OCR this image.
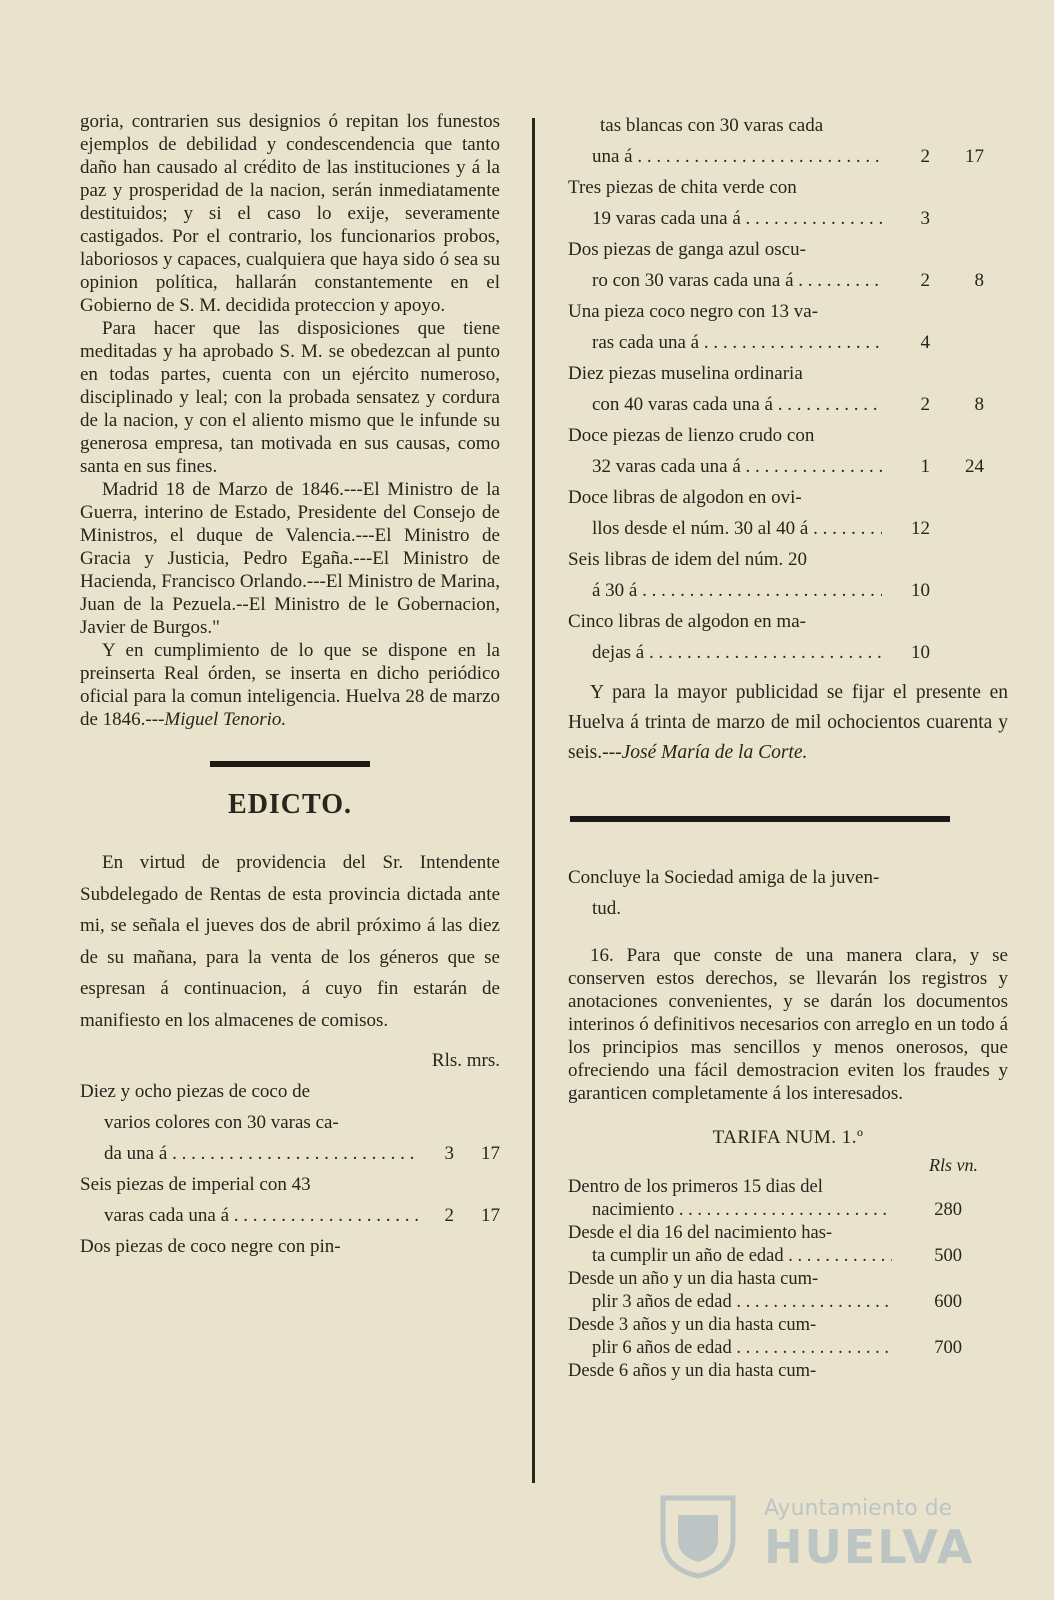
goria, contrarien sus designios ó repitan los funestos ejemplos de debilidad y condescendencia que tanto daño han causado al crédito de las instituciones y á la paz y prosperidad de la nacion, serán inmediatamente destituidos; y si el caso lo exije, severamente castigados. Por el contrario, los funcionarios probos, laboriosos y capaces, cualquiera que haya sido ó sea su opinion política, hallarán constantemente en el Gobierno de S. M. decidida proteccion y apoyo.

Para hacer que las disposiciones que tiene meditadas y ha aprobado S. M. se obedezcan al punto en todas partes, cuenta con un ejército numeroso, disciplinado y leal; con la probada sensatez y cordura de la nacion, y con el aliento mismo que le infunde su generosa empresa, tan motivada en sus causas, como santa en sus fines.

Madrid 18 de Marzo de 1846.---El Ministro de la Guerra, interino de Estado, Presidente del Consejo de Ministros, el duque de Valencia.---El Ministro de Gracia y Justicia, Pedro Egaña.---El Ministro de Hacienda, Francisco Orlando.---El Ministro de Marina, Juan de la Pezuela.--El Ministro de le Gobernacion, Javier de Burgos."

Y en cumplimiento de lo que se dispone en la preinserta Real órden, se inserta en dicho periódico oficial para la comun inteligencia. Huelva 28 de marzo de 1846.---Miguel Tenorio.

EDICTO.

En virtud de providencia del Sr. Intendente Subdelegado de Rentas de esta provincia dictada ante mi, se señala el jueves dos de abril próximo á las diez de su mañana, para la venta de los géneros que se espresan á continuacion, á cuyo fin estarán de manifiesto en los almacenes de comisos.

Rls. mrs.
Diez y ocho piezas de coco de
varios colores con 30 varas ca-
da una á . . .	3	17
Seis piezas de imperial con 43
varas cada una á . . .	2	17
Dos piezas de coco negre con pin-
tas blancas con 30 varas cada
una á . . .	2	17
Tres piezas de chita verde con
19 varas cada una á . . .	3
Dos piezas de ganga azul oscu-
ro con 30 varas cada una á . . .	2	8
Una pieza coco negro con 13 va-
ras cada una á . . .	4
Diez piezas muselina ordinaria
con 40 varas cada una á . . .	2	8
Doce piezas de lienzo crudo con
32 varas cada una á . . .	1	24
Doce libras de algodon en ovi-
llos desde el núm. 30 al 40 á . . .	12
Seis libras de idem del núm. 20
á 30 á . . .	10
Cinco libras de algodon en ma-
dejas á . . .	10

Y para la mayor publicidad se fijar el presente en Huelva á trinta de marzo de mil ochocientos cuarenta y seis.---José María de la Corte.

Concluye la Sociedad amiga de la juven-
tud.

16. Para que conste de una manera clara, y se conserven estos derechos, se llevarán los registros y anotaciones convenientes, y se darán los documentos interinos ó definitivos necesarios con arreglo en un todo á los principios mas sencillos y menos onerosos, que ofreciendo una fácil demostracion eviten los fraudes y garanticen completamente á los interesados.

TARIFA NUM. 1.º
Rls vn.
Dentro de los primeros 15 dias del
nacimiento . . .	280
Desde el dia 16 del nacimiento has-
ta cumplir un año de edad . . .	500
Desde un año y un dia hasta cum-
plir 3 años de edad . . .	600
Desde 3 años y un dia hasta cum-
plir 6 años de edad . . .	700
Desde 6 años y un dia hasta cum-
Ayuntamiento de
HUELVA
